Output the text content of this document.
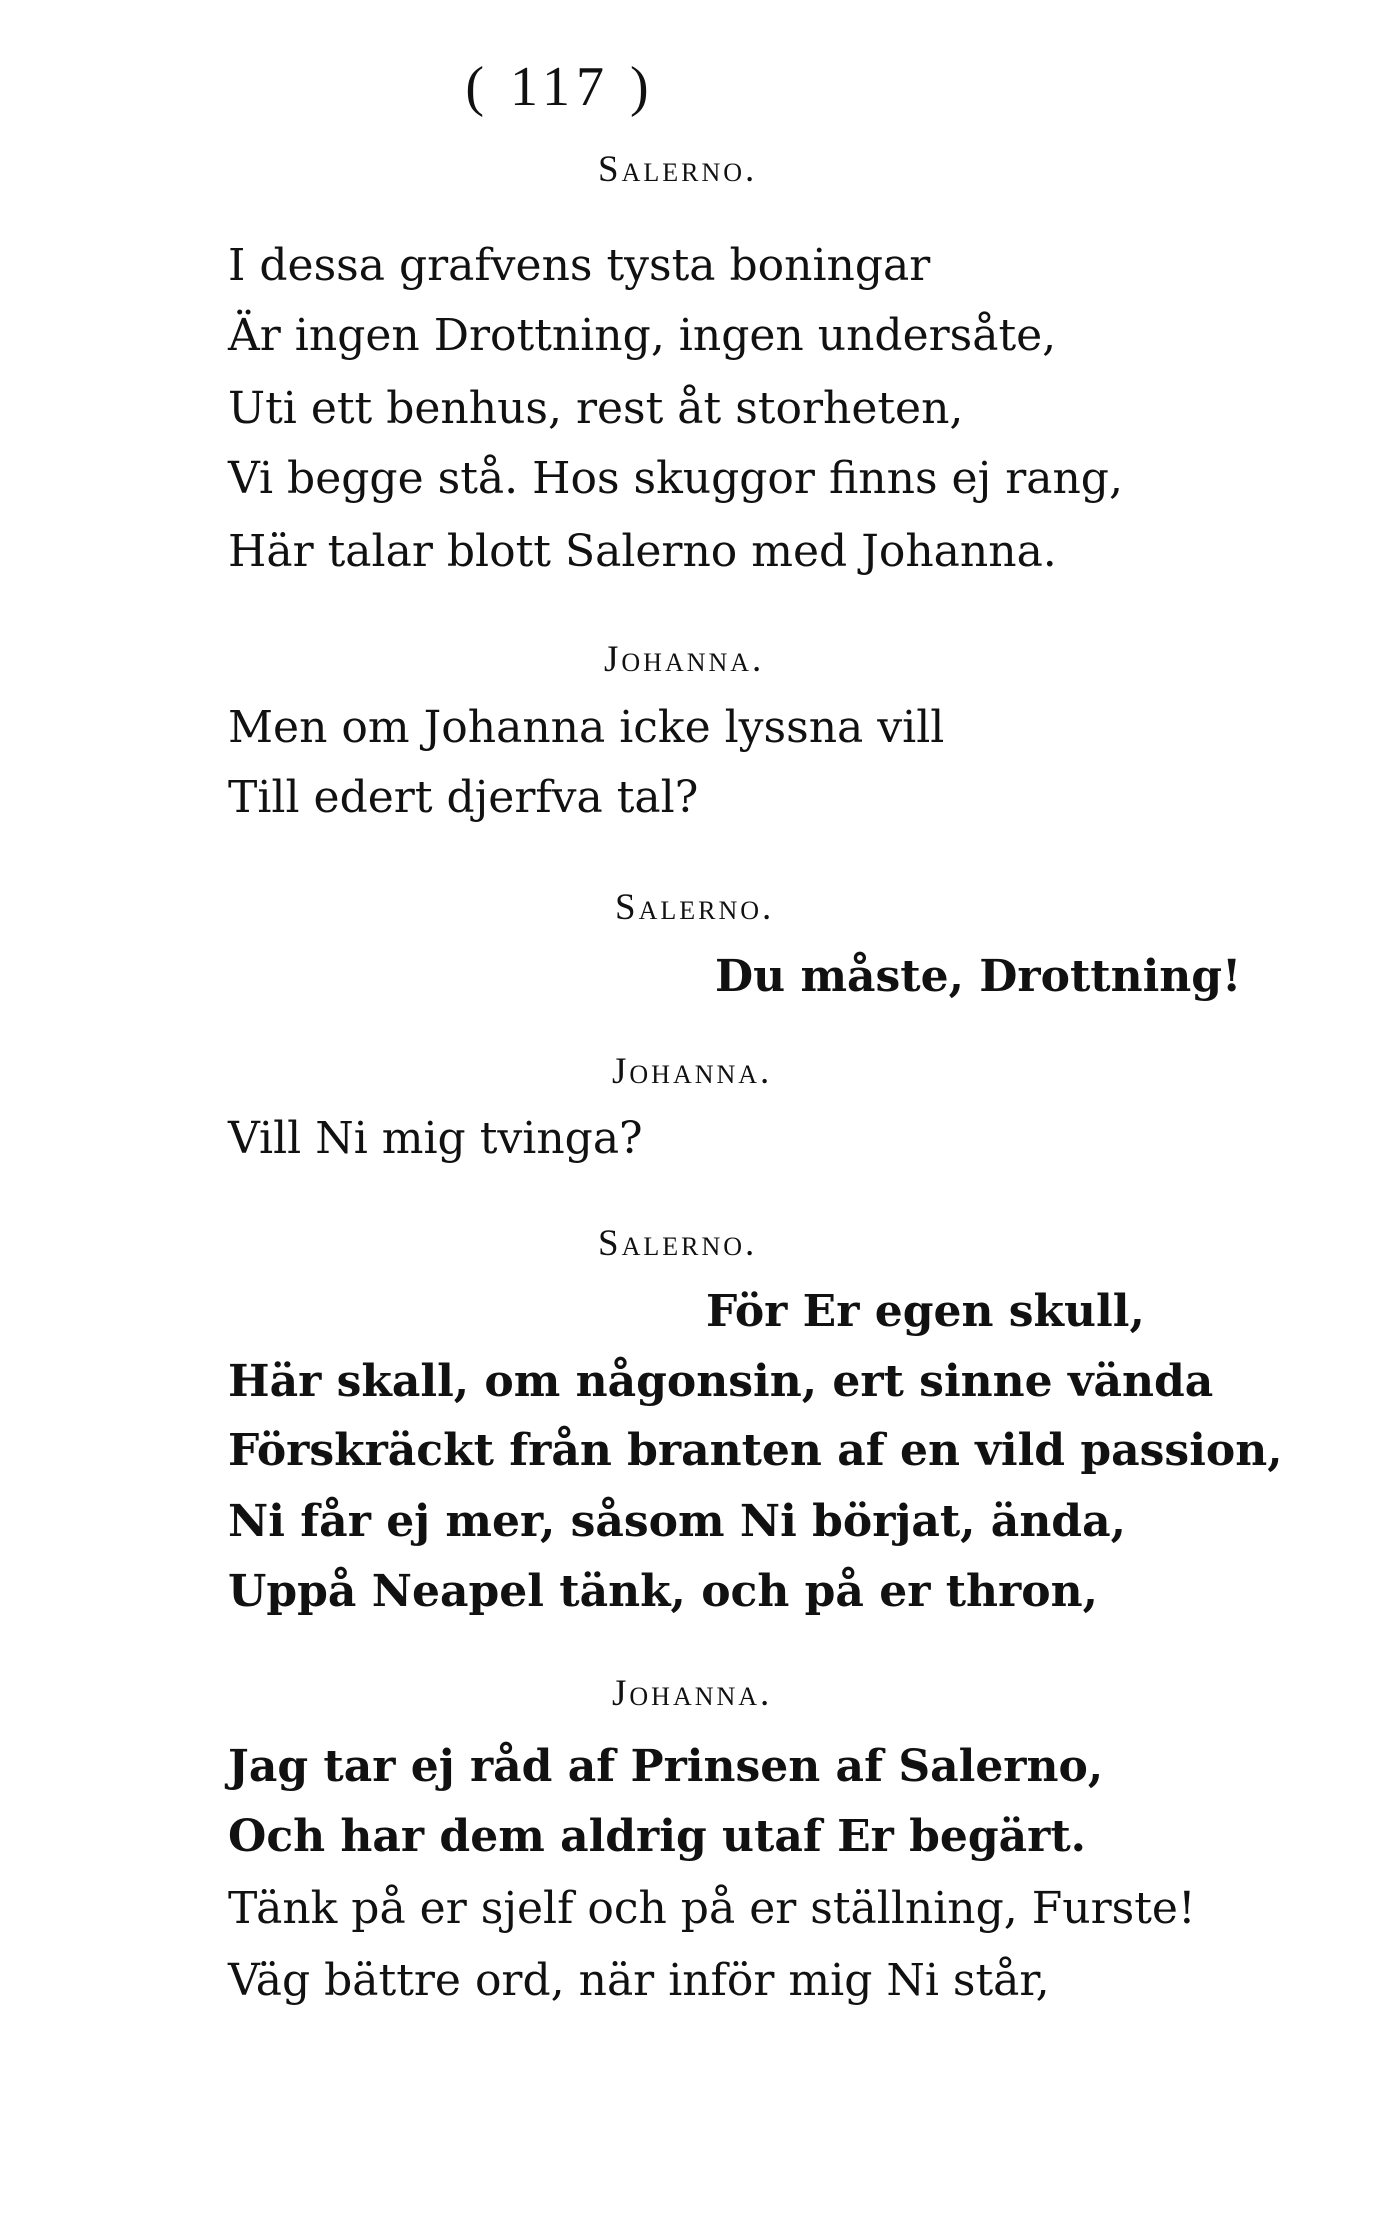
( 117 )
Salerno.
I dessa grafvens tysta boningar
Är ingen Drottning, ingen undersåte,
Uti ett benhus, rest åt storheten,
Vi begge stå. Hos skuggor finns ej rang,
Här talar blott Salerno med Johanna.
Johanna.
Men om Johanna icke lyssna vill
Till edert djerfva tal?
Salerno.
Du måste, Drottning!
Johanna.
Vill Ni mig tvinga?
Salerno.
För Er egen skull,
Här skall, om någonsin, ert sinne vända
Förskräckt från branten af en vild passion,
Ni får ej mer, såsom Ni börjat, ända,
Uppå Neapel tänk, och på er thron,
Johanna.
Jag tar ej råd af Prinsen af Salerno,
Och har dem aldrig utaf Er begärt.
Tänk på er sjelf och på er ställning, Furste!
Väg bättre ord, när inför mig Ni står,
